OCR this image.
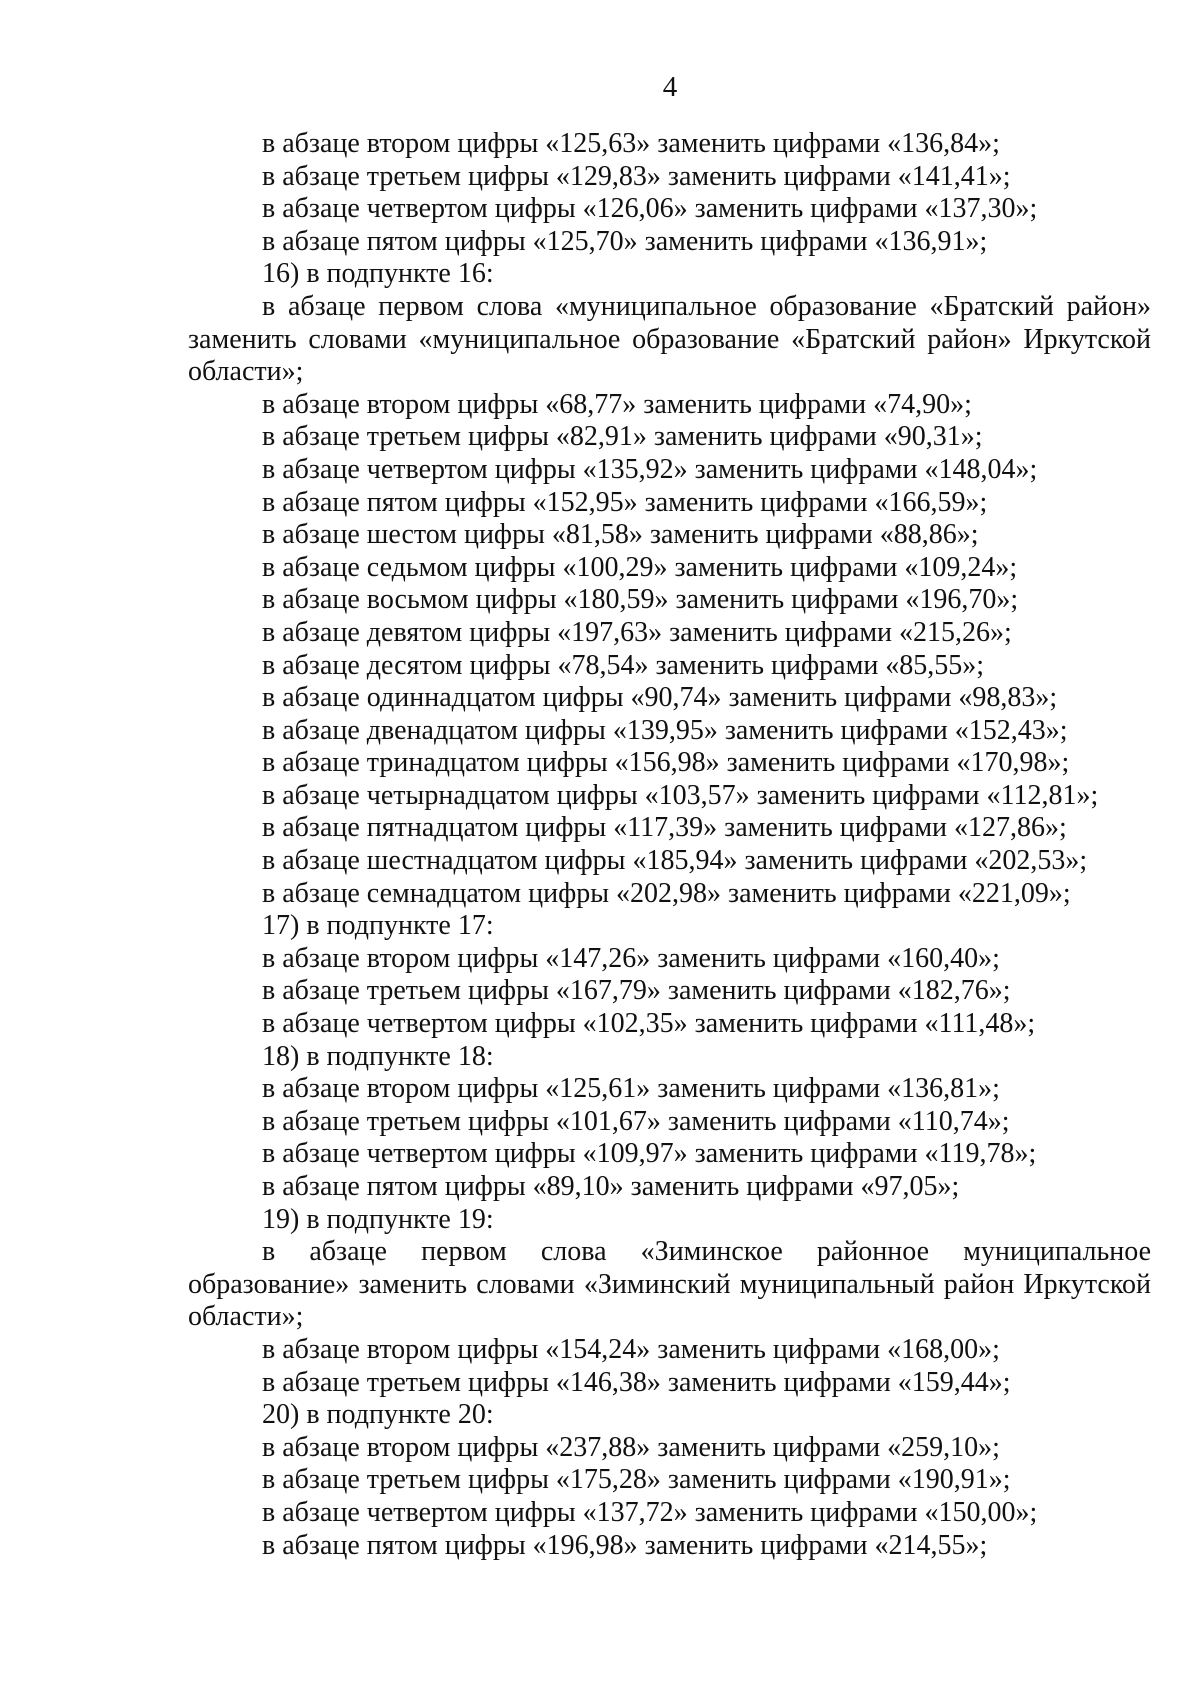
4
в абзаце втором цифры «125,63» заменить цифрами «136,84»;
в абзаце третьем цифры «129,83» заменить цифрами «141,41»;
в абзаце четвертом цифры «126,06» заменить цифрами «137,30»;
в абзаце пятом цифры «125,70» заменить цифрами «136,91»;
16) в подпункте 16:
в абзаце первом слова «муниципальное образование «Братский район»
заменить словами «муниципальное образование «Братский район» Иркутской
области»;
в абзаце втором цифры «68,77» заменить цифрами «74,90»;
в абзаце третьем цифры «82,91» заменить цифрами «90,31»;
в абзаце четвертом цифры «135,92» заменить цифрами «148,04»;
в абзаце пятом цифры «152,95» заменить цифрами «166,59»;
в абзаце шестом цифры «81,58» заменить цифрами «88,86»;
в абзаце седьмом цифры «100,29» заменить цифрами «109,24»;
в абзаце восьмом цифры «180,59» заменить цифрами «196,70»;
в абзаце девятом цифры «197,63» заменить цифрами «215,26»;
в абзаце десятом цифры «78,54» заменить цифрами «85,55»;
в абзаце одиннадцатом цифры «90,74» заменить цифрами «98,83»;
в абзаце двенадцатом цифры «139,95» заменить цифрами «152,43»;
в абзаце тринадцатом цифры «156,98» заменить цифрами «170,98»;
в абзаце четырнадцатом цифры «103,57» заменить цифрами «112,81»;
в абзаце пятнадцатом цифры «117,39» заменить цифрами «127,86»;
в абзаце шестнадцатом цифры «185,94» заменить цифрами «202,53»;
в абзаце семнадцатом цифры «202,98» заменить цифрами «221,09»;
17) в подпункте 17:
в абзаце втором цифры «147,26» заменить цифрами «160,40»;
в абзаце третьем цифры «167,79» заменить цифрами «182,76»;
в абзаце четвертом цифры «102,35» заменить цифрами «111,48»;
18) в подпункте 18:
в абзаце втором цифры «125,61» заменить цифрами «136,81»;
в абзаце третьем цифры «101,67» заменить цифрами «110,74»;
в абзаце четвертом цифры «109,97» заменить цифрами «119,78»;
в абзаце пятом цифры «89,10» заменить цифрами «97,05»;
19) в подпункте 19:
в абзаце первом слова «Зиминское районное муниципальное
образование» заменить словами «Зиминский муниципальный район Иркутской
области»;
в абзаце втором цифры «154,24» заменить цифрами «168,00»;
в абзаце третьем цифры «146,38» заменить цифрами «159,44»;
20) в подпункте 20:
в абзаце втором цифры «237,88» заменить цифрами «259,10»;
в абзаце третьем цифры «175,28» заменить цифрами «190,91»;
в абзаце четвертом цифры «137,72» заменить цифрами «150,00»;
в абзаце пятом цифры «196,98» заменить цифрами «214,55»;
